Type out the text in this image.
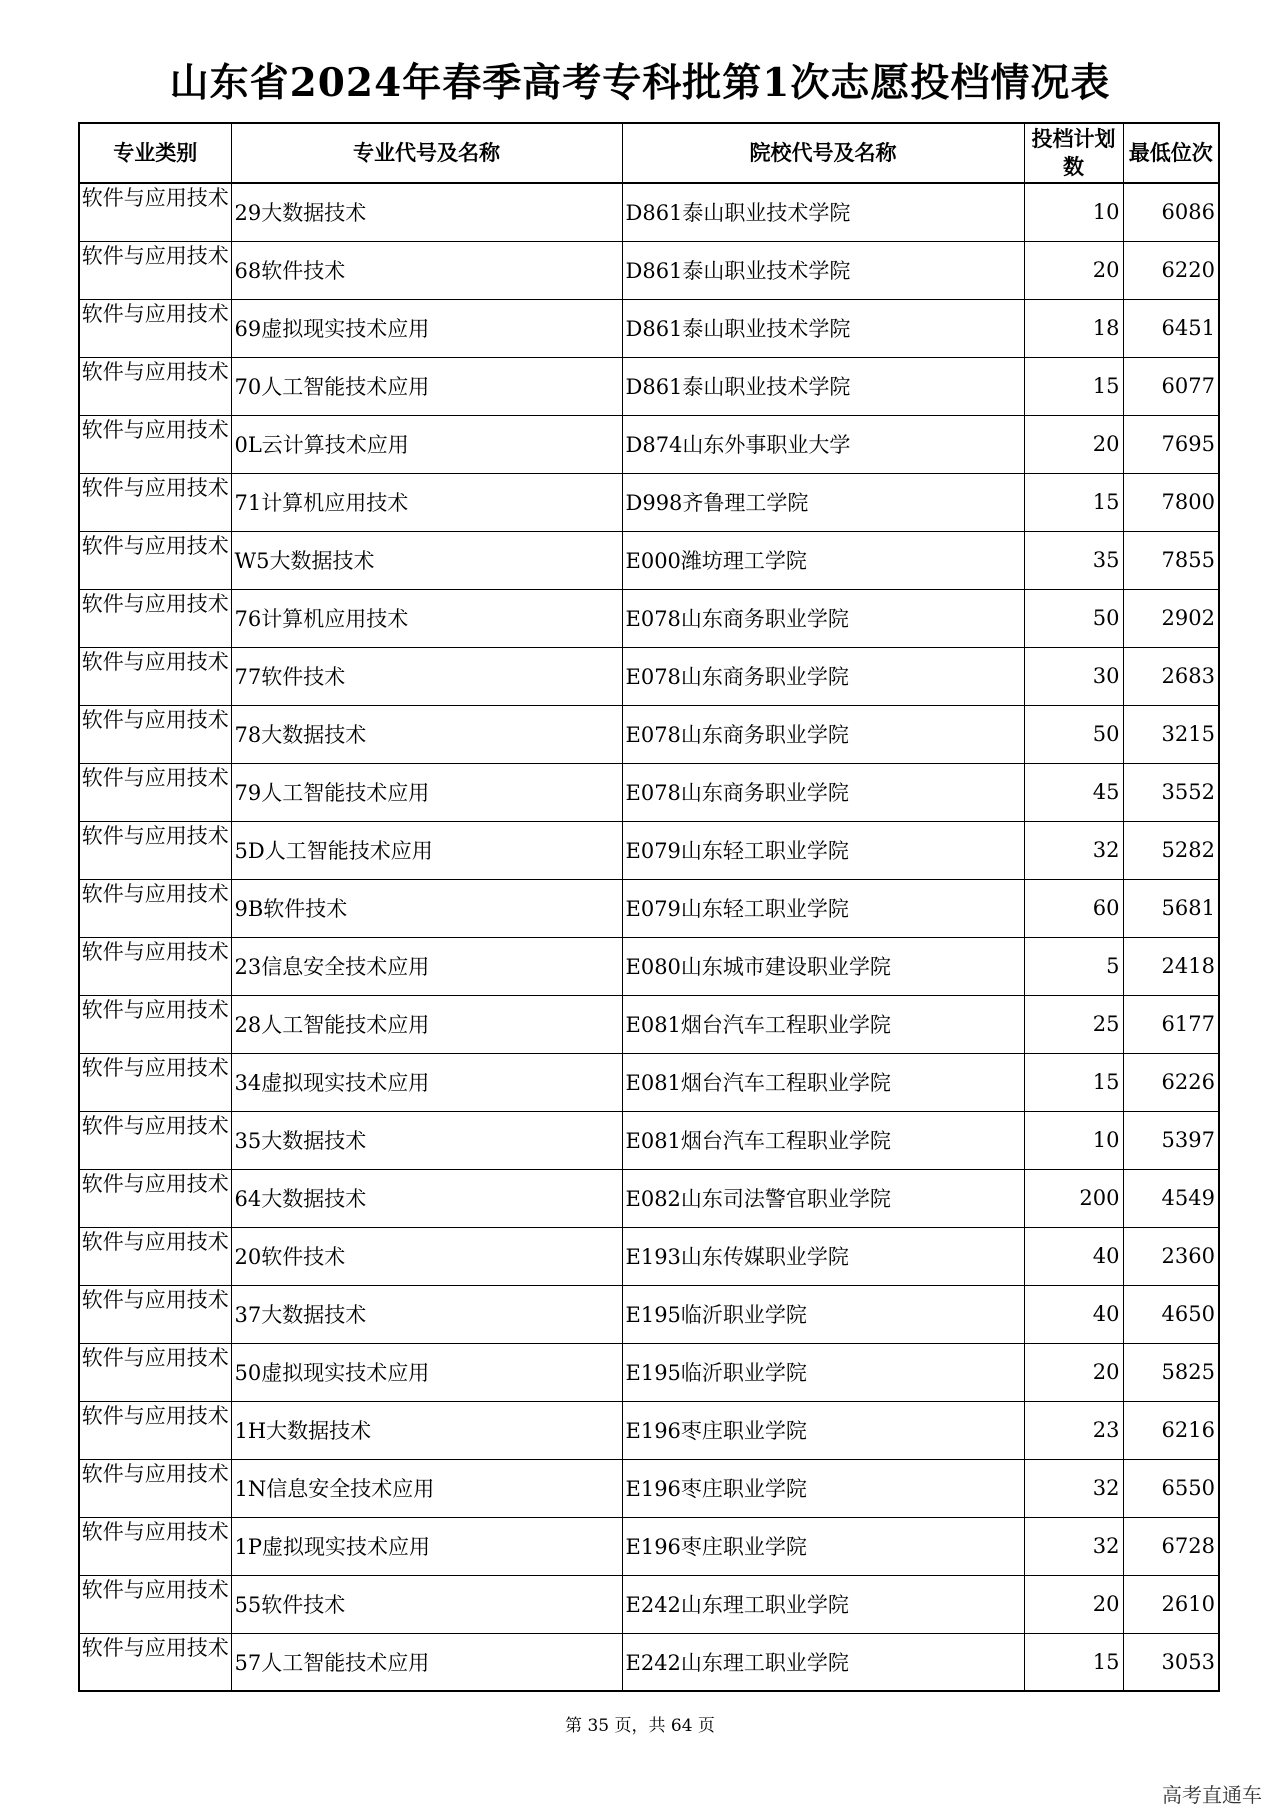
山东省2024年春季高考专科批第1次志愿投档情况表
专业类别	专业代号及名称	院校代号及名称	投档计划数	最低位次
软件与应用技术	29大数据技术	D861泰山职业技术学院	10	6086
软件与应用技术	68软件技术	D861泰山职业技术学院	20	6220
软件与应用技术	69虚拟现实技术应用	D861泰山职业技术学院	18	6451
软件与应用技术	70人工智能技术应用	D861泰山职业技术学院	15	6077
软件与应用技术	0L云计算技术应用	D874山东外事职业大学	20	7695
软件与应用技术	71计算机应用技术	D998齐鲁理工学院	15	7800
软件与应用技术	W5大数据技术	E000潍坊理工学院	35	7855
软件与应用技术	76计算机应用技术	E078山东商务职业学院	50	2902
软件与应用技术	77软件技术	E078山东商务职业学院	30	2683
软件与应用技术	78大数据技术	E078山东商务职业学院	50	3215
软件与应用技术	79人工智能技术应用	E078山东商务职业学院	45	3552
软件与应用技术	5D人工智能技术应用	E079山东轻工职业学院	32	5282
软件与应用技术	9B软件技术	E079山东轻工职业学院	60	5681
软件与应用技术	23信息安全技术应用	E080山东城市建设职业学院	5	2418
软件与应用技术	28人工智能技术应用	E081烟台汽车工程职业学院	25	6177
软件与应用技术	34虚拟现实技术应用	E081烟台汽车工程职业学院	15	6226
软件与应用技术	35大数据技术	E081烟台汽车工程职业学院	10	5397
软件与应用技术	64大数据技术	E082山东司法警官职业学院	200	4549
软件与应用技术	20软件技术	E193山东传媒职业学院	40	2360
软件与应用技术	37大数据技术	E195临沂职业学院	40	4650
软件与应用技术	50虚拟现实技术应用	E195临沂职业学院	20	5825
软件与应用技术	1H大数据技术	E196枣庄职业学院	23	6216
软件与应用技术	1N信息安全技术应用	E196枣庄职业学院	32	6550
软件与应用技术	1P虚拟现实技术应用	E196枣庄职业学院	32	6728
软件与应用技术	55软件技术	E242山东理工职业学院	20	2610
软件与应用技术	57人工智能技术应用	E242山东理工职业学院	15	3053
第 35 页，共 64 页
高考直通车
